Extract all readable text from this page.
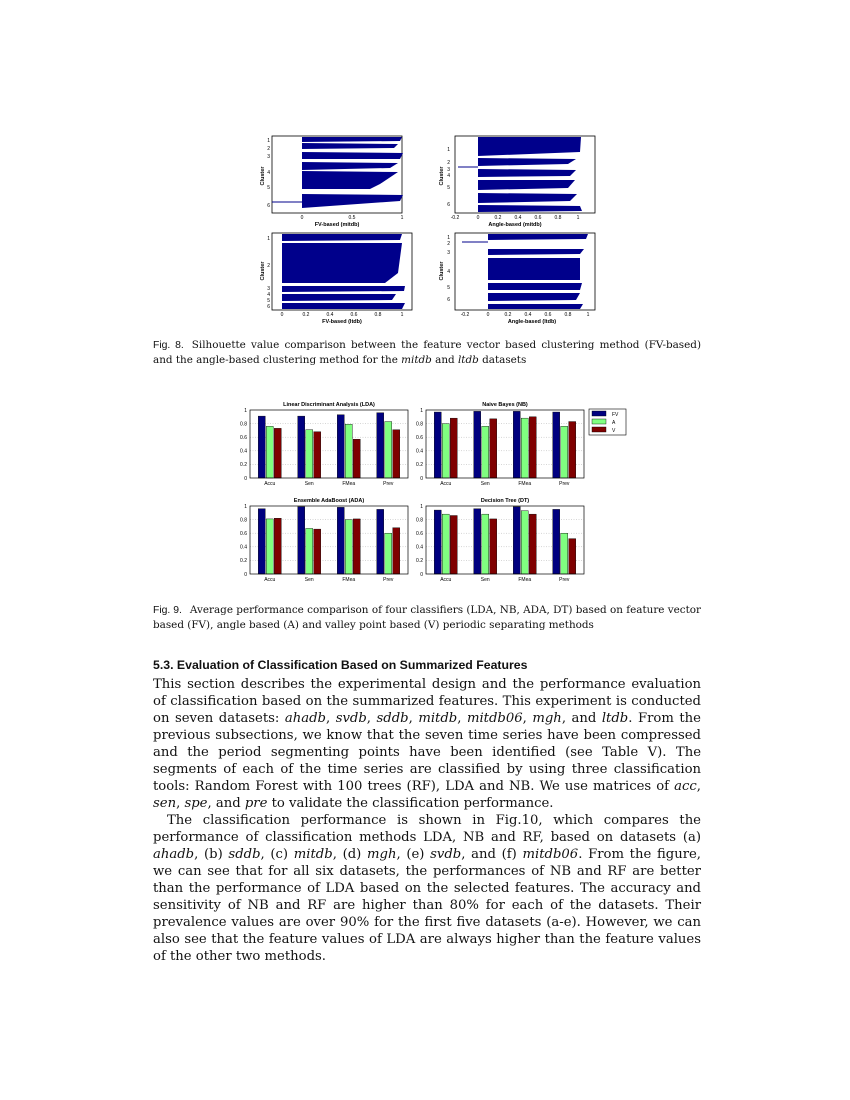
1
2
3
4
5
6
0	0.5	1
FV-based (mitdb)
Cluster
1
2
3
4
5
6
-0.2	0	0.2	0.4	0.6	0.8	1
Angle-based (mitdb)
Cluster
1
2
3
4
5
6
0	0.2	0.4	0.6	0.8	1
FV-based (ltdb)
Cluster
1
2
3
4
5
6
-0.2	0	0.2	0.4	0.6	0.8	1
Angle-based (ltdb)
Cluster
Fig. 8. Silhouette value comparison between the feature vector based clustering method (FV-based) and the angle-based clustering method for the mitdb and ltdb datasets
FV
A
V
0
0.2
0.4
0.6
0.8
1
Accu	Sen	FMea	Prev
Linear Discriminant Analysis (LDA)
0
0.2
0.4
0.6
0.8
1
Accu	Sen	FMea	Prev
Naive Bayes (NB)
0
0.2
0.4
0.6
0.8
1
Accu	Sen	FMea	Prev
Ensemble AdaBoost (ADA)
0
0.2
0.4
0.6
0.8
1
Accu	Sen	FMea	Prev
Decision Tree (DT)
Fig. 9. Average performance comparison of four classifiers (LDA, NB, ADA, DT) based on feature vector based (FV), angle based (A) and valley point based (V) periodic separating methods
5.3. Evaluation of Classification Based on Summarized Features

This section describes the experimental design and the performance evaluation of classification based on the summarized features. This experiment is conducted on seven datasets: ahadb, svdb, sddb, mitdb, mitdb06, mgh, and ltdb. From the previous subsections, we know that the seven time series have been compressed and the period segmenting points have been identified (see Table V). The segments of each of the time series are classified by using three classification tools: Random Forest with 100 trees (RF), LDA and NB. We use matrices of acc, sen, spe, and pre to validate the classification performance.

The classification performance is shown in Fig.10, which compares the performance of classification methods LDA, NB and RF, based on datasets (a) ahadb, (b) sddb, (c) mitdb, (d) mgh, (e) svdb, and (f) mitdb06. From the figure, we can see that for all six datasets, the performances of NB and RF are better than the performance of LDA based on the selected features. The accuracy and sensitivity of NB and RF are higher than 80% for each of the datasets. Their prevalence values are over 90% for the first five datasets (a-e). However, we can also see that the feature values of LDA are always higher than the feature values of the other two methods.
